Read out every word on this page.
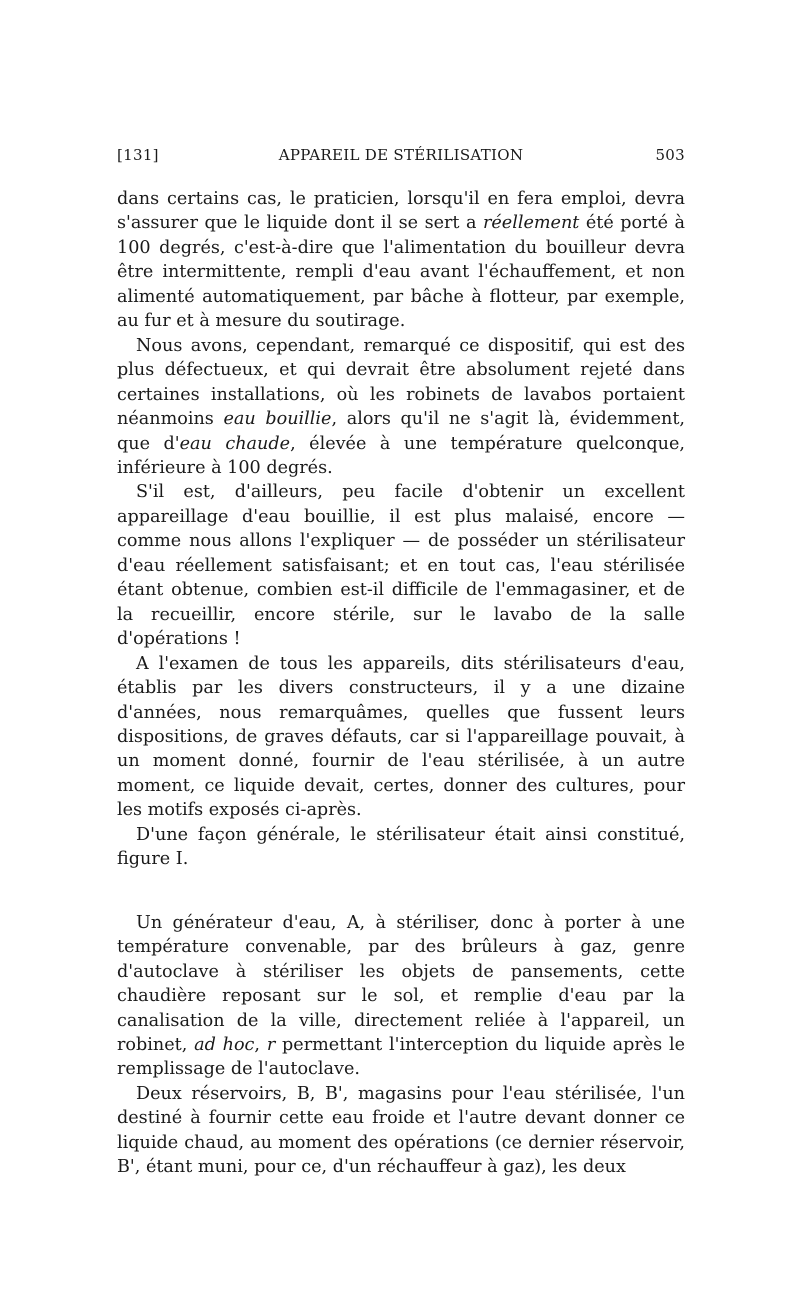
[131]	APPAREIL DE STÉRILISATION	503

dans certains cas, le praticien, lorsqu'il en fera emploi, devra s'assurer que le liquide dont il se sert a réellement été porté à 100 degrés, c'est-à-dire que l'alimentation du bouilleur devra être intermittente, rempli d'eau avant l'échauffement, et non alimenté automatiquement, par bâche à flotteur, par exemple, au fur et à mesure du soutirage.

Nous avons, cependant, remarqué ce dispositif, qui est des plus défectueux, et qui devrait être absolument rejeté dans certaines installations, où les robinets de lavabos portaient néanmoins eau bouillie, alors qu'il ne s'agit là, évidemment, que d'eau chaude, élevée à une température quelconque, inférieure à 100 degrés.

S'il est, d'ailleurs, peu facile d'obtenir un excellent appareillage d'eau bouillie, il est plus malaisé, encore — comme nous allons l'expliquer — de posséder un stérilisateur d'eau réellement satisfaisant; et en tout cas, l'eau stérilisée étant obtenue, combien est-il difficile de l'emmagasiner, et de la recueillir, encore stérile, sur le lavabo de la salle d'opérations !

A l'examen de tous les appareils, dits stérilisateurs d'eau, établis par les divers constructeurs, il y a une dizaine d'années, nous remarquâmes, quelles que fussent leurs dispositions, de graves défauts, car si l'appareillage pouvait, à un moment donné, fournir de l'eau stérilisée, à un autre moment, ce liquide devait, certes, donner des cultures, pour les motifs exposés ci-après.

D'une façon générale, le stérilisateur était ainsi constitué, figure I.

Un générateur d'eau, A, à stériliser, donc à porter à une température convenable, par des brûleurs à gaz, genre d'autoclave à stériliser les objets de pansements, cette chaudière reposant sur le sol, et remplie d'eau par la canalisation de la ville, directement reliée à l'appareil, un robinet, ad hoc, r permettant l'interception du liquide après le remplissage de l'autoclave.

Deux réservoirs, B, B', magasins pour l'eau stérilisée, l'un destiné à fournir cette eau froide et l'autre devant donner ce liquide chaud, au moment des opérations (ce dernier réservoir, B', étant muni, pour ce, d'un réchauffeur à gaz), les deux
